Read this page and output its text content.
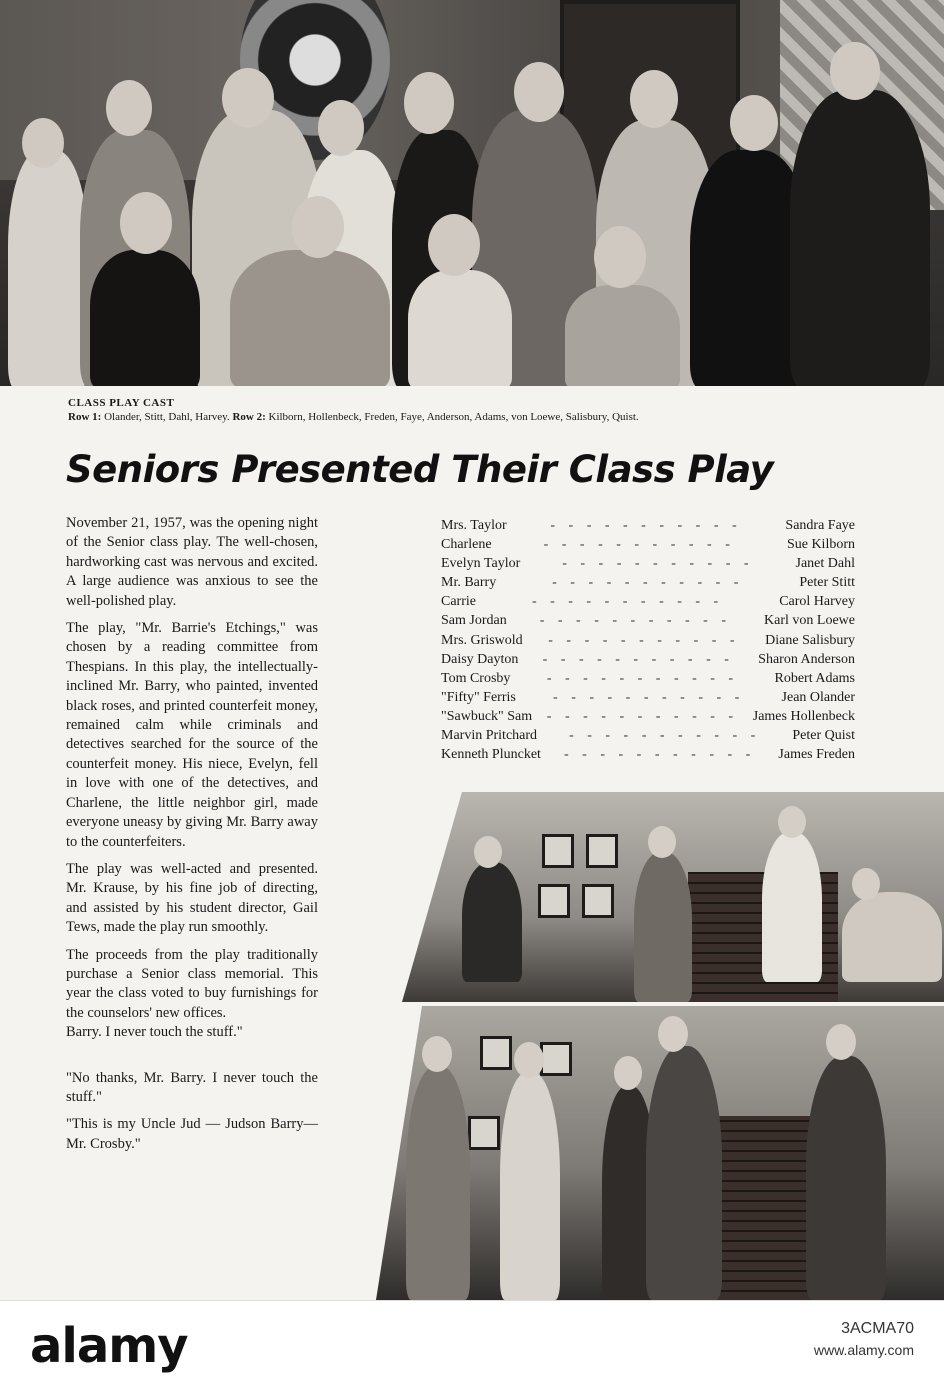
CLASS PLAY CAST
Row 1: Olander, Stitt, Dahl, Harvey. Row 2: Kilborn, Hollenbeck, Freden, Faye, Anderson, Adams, von Loewe, Salisbury, Quist.
Seniors Presented Their Class Play

November 21, 1957, was the opening night of the Senior class play. The well-chosen, hardworking cast was nervous and excited. A large audience was anxious to see the well-polished play.

The play, "Mr. Barrie's Etchings," was chosen by a reading committee from Thespians. In this play, the intellectually-inclined Mr. Barry, who painted, invented black roses, and printed counterfeit money, remained calm while criminals and detectives searched for the source of the counterfeit money. His niece, Evelyn, fell in love with one of the detectives, and Charlene, the little neighbor girl, made everyone uneasy by giving Mr. Barry away to the counterfeiters.

The play was well-acted and presented. Mr. Krause, by his fine job of directing, and assisted by his student director, Gail Tews, made the play run smoothly.

The proceeds from the play traditionally purchase a Senior class memorial. This year the class voted to buy furnishings for the counselors' new offices.

Barry. I never touch the stuff."

"No thanks, Mr. Barry. I never touch the stuff."

"This is my Uncle Jud — Judson Barry—Mr. Crosby."

Mrs. Taylor	- - - - - - - - - - -	Sandra Faye
Charlene	- - - - - - - - - - -	Sue Kilborn
Evelyn Taylor	- - - - - - - - - - -	Janet Dahl
Mr. Barry	- - - - - - - - - - -	Peter Stitt
Carrie	- - - - - - - - - - -	Carol Harvey
Sam Jordan	- - - - - - - - - - -	Karl von Loewe
Mrs. Griswold	- - - - - - - - - - -	Diane Salisbury
Daisy Dayton	- - - - - - - - - - -	Sharon Anderson
Tom Crosby	- - - - - - - - - - -	Robert Adams
"Fifty" Ferris	- - - - - - - - - - -	Jean Olander
"Sawbuck" Sam	- - - - - - - - - - -	James Hollenbeck
Marvin Pritchard	- - - - - - - - - - -	Peter Quist
Kenneth Pluncket	- - - - - - - - - - -	James Freden
alamy	3ACMA70
www.alamy.com
